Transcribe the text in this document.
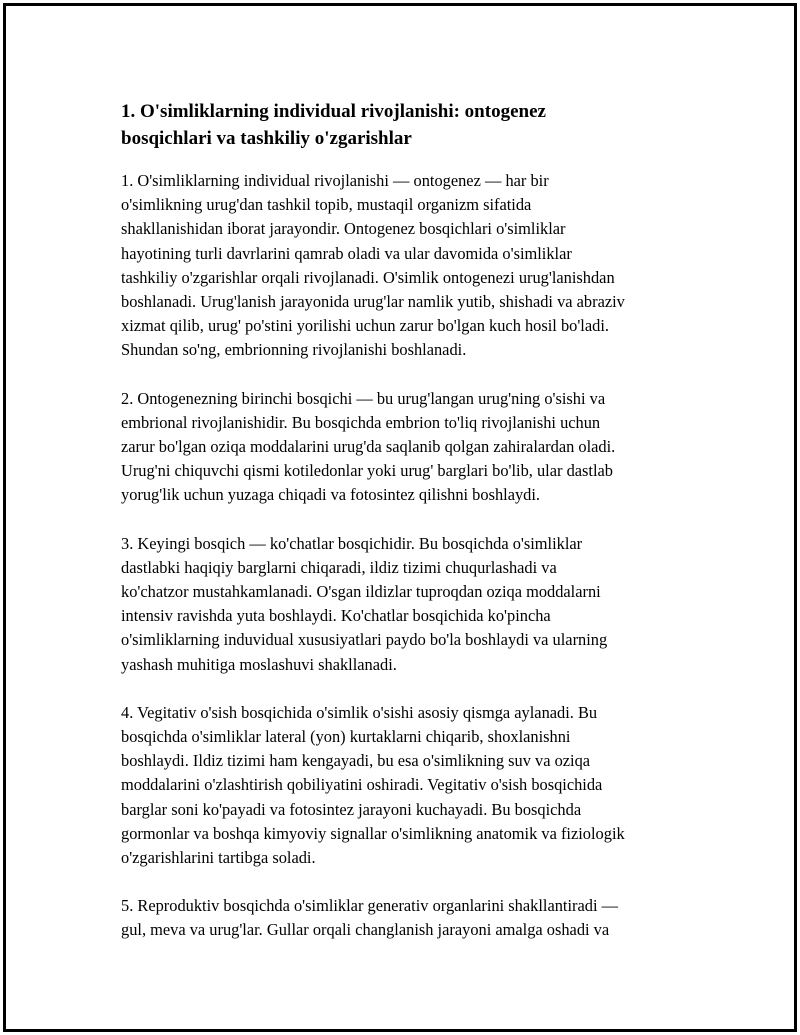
1. O'simliklarning individual rivojlanishi: ontogenez
bosqichlari va tashkiliy o'zgarishlar

1. O'simliklarning individual rivojlanishi — ontogenez — har bir
o'simlikning urug'dan tashkil topib, mustaqil organizm sifatida
shakllanishidan iborat jarayondir. Ontogenez bosqichlari o'simliklar
hayotining turli davrlarini qamrab oladi va ular davomida o'simliklar
tashkiliy o'zgarishlar orqali rivojlanadi. O'simlik ontogenezi urug'lanishdan
boshlanadi. Urug'lanish jarayonida urug'lar namlik yutib, shishadi va abraziv
xizmat qilib, urug' po'stini yorilishi uchun zarur bo'lgan kuch hosil bo'ladi.
Shundan so'ng, embrionning rivojlanishi boshlanadi.

2. Ontogenezning birinchi bosqichi — bu urug'langan urug'ning o'sishi va
embrional rivojlanishidir. Bu bosqichda embrion to'liq rivojlanishi uchun
zarur bo'lgan oziqa moddalarini urug'da saqlanib qolgan zahiralardan oladi.
Urug'ni chiquvchi qismi kotiledonlar yoki urug' barglari bo'lib, ular dastlab
yorug'lik uchun yuzaga chiqadi va fotosintez qilishni boshlaydi.

3. Keyingi bosqich — ko'chatlar bosqichidir. Bu bosqichda o'simliklar
dastlabki haqiqiy barglarni chiqaradi, ildiz tizimi chuqurlashadi va
ko'chatzor mustahkamlanadi. O'sgan ildizlar tuproqdan oziqa moddalarni
intensiv ravishda yuta boshlaydi. Ko'chatlar bosqichida ko'pincha
o'simliklarning induvidual xususiyatlari paydo bo'la boshlaydi va ularning
yashash muhitiga moslashuvi shakllanadi.

4. Vegitativ o'sish bosqichida o'simlik o'sishi asosiy qismga aylanadi. Bu
bosqichda o'simliklar lateral (yon) kurtaklarni chiqarib, shoxlanishni
boshlaydi. Ildiz tizimi ham kengayadi, bu esa o'simlikning suv va oziqa
moddalarini o'zlashtirish qobiliyatini oshiradi. Vegitativ o'sish bosqichida
barglar soni ko'payadi va fotosintez jarayoni kuchayadi. Bu bosqichda
gormonlar va boshqa kimyoviy signallar o'simlikning anatomik va fiziologik
o'zgarishlarini tartibga soladi.

5. Reproduktiv bosqichda o'simliklar generativ organlarini shakllantiradi —
gul, meva va urug'lar. Gullar orqali changlanish jarayoni amalga oshadi va
